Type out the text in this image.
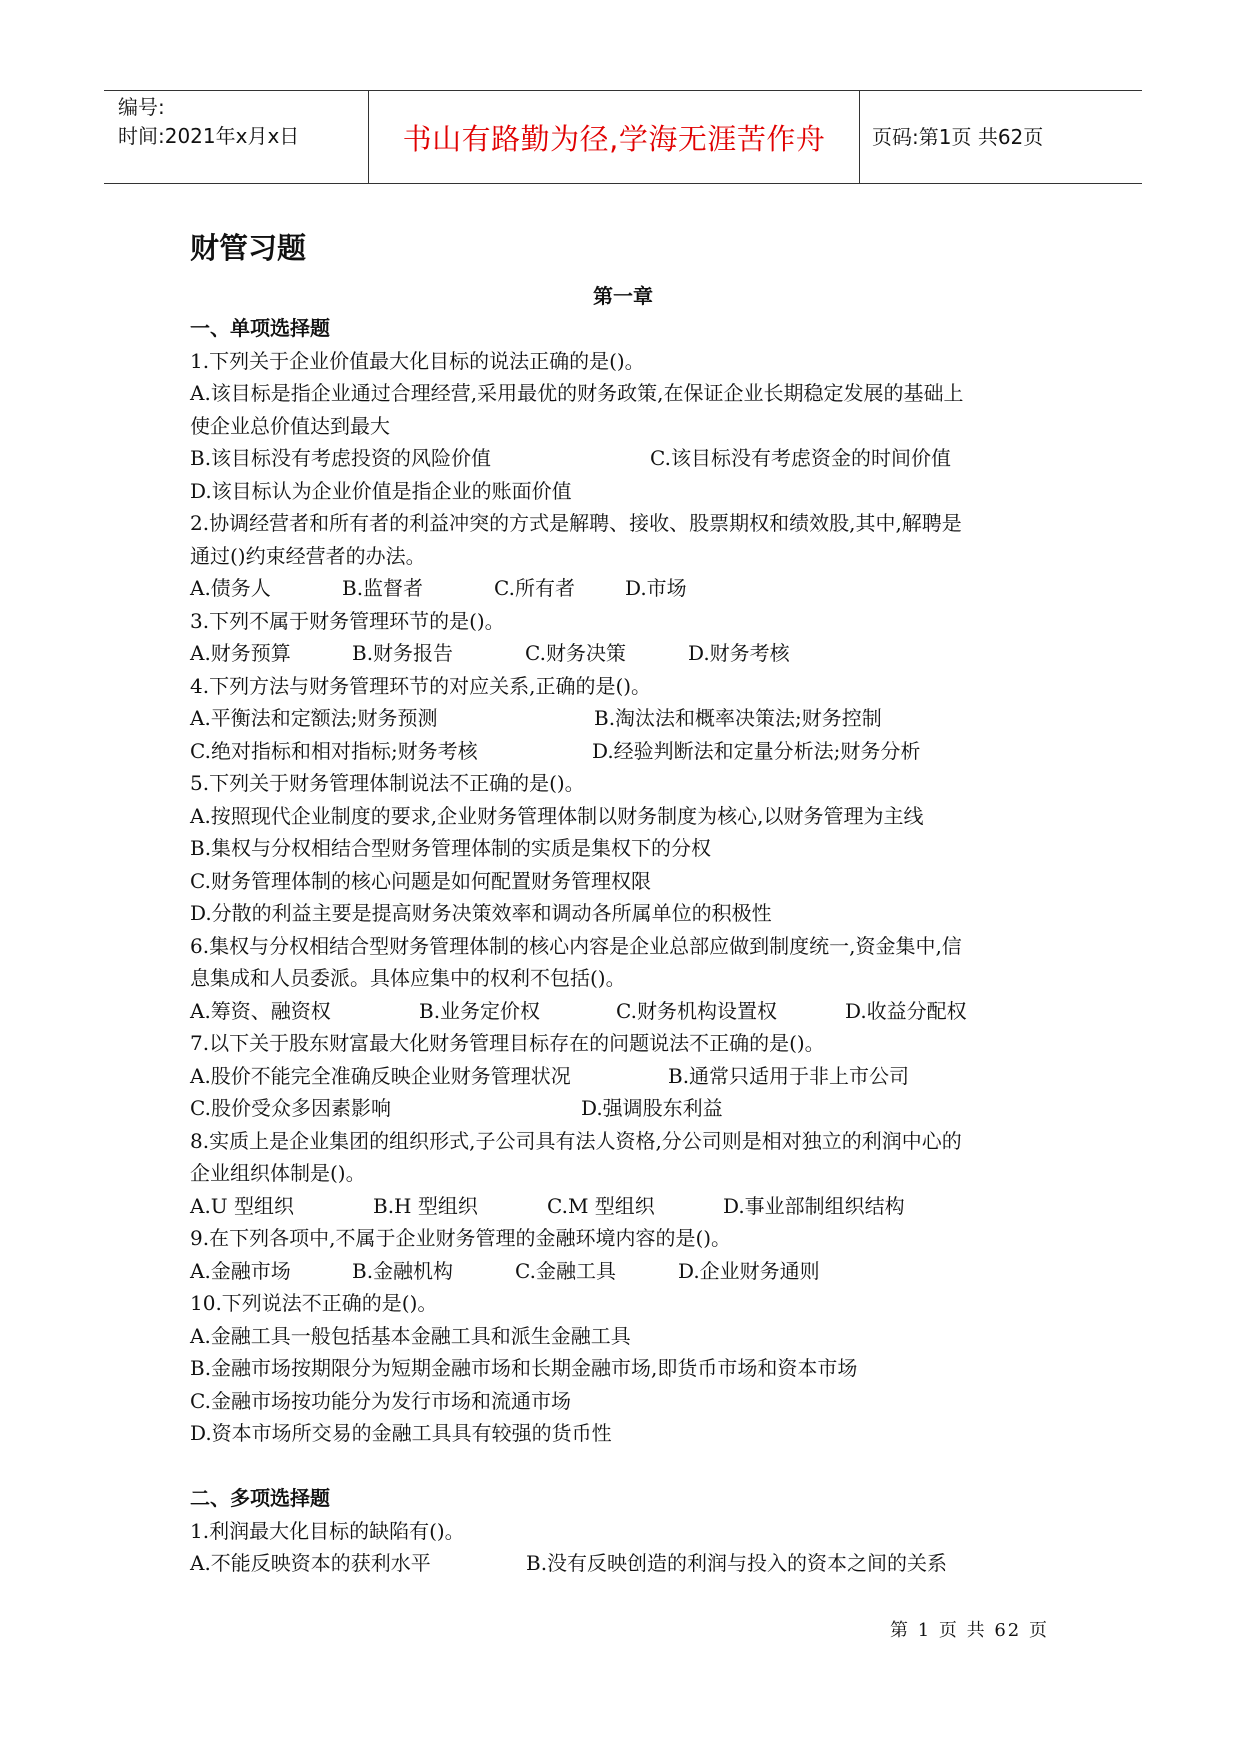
编号:
时间:2021年x月x日	书山有路勤为径,学海无涯苦作舟	页码:第1页 共62页
财管习题
第一章
一、单项选择题
1.下列关于企业价值最大化目标的说法正确的是()。
A.该目标是指企业通过合理经营,采用最优的财务政策,在保证企业长期稳定发展的基础上
使企业总价值达到最大
B.该目标没有考虑投资的风险价值	C.该目标没有考虑资金的时间价值
D.该目标认为企业价值是指企业的账面价值
2.协调经营者和所有者的利益冲突的方式是解聘、接收、股票期权和绩效股,其中,解聘是
通过()约束经营者的办法。
A.债务人	B.监督者	C.所有者	D.市场
3.下列不属于财务管理环节的是()。
A.财务预算	B.财务报告	C.财务决策	D.财务考核
4.下列方法与财务管理环节的对应关系,正确的是()。
A.平衡法和定额法;财务预测	B.淘汰法和概率决策法;财务控制
C.绝对指标和相对指标;财务考核	D.经验判断法和定量分析法;财务分析
5.下列关于财务管理体制说法不正确的是()。
A.按照现代企业制度的要求,企业财务管理体制以财务制度为核心,以财务管理为主线
B.集权与分权相结合型财务管理体制的实质是集权下的分权
C.财务管理体制的核心问题是如何配置财务管理权限
D.分散的利益主要是提高财务决策效率和调动各所属单位的积极性
6.集权与分权相结合型财务管理体制的核心内容是企业总部应做到制度统一,资金集中,信
息集成和人员委派。具体应集中的权利不包括()。
A.筹资、融资权	B.业务定价权	C.财务机构设置权	D.收益分配权
7.以下关于股东财富最大化财务管理目标存在的问题说法不正确的是()。
A.股价不能完全准确反映企业财务管理状况	B.通常只适用于非上市公司
C.股价受众多因素影响	D.强调股东利益
8.实质上是企业集团的组织形式,子公司具有法人资格,分公司则是相对独立的利润中心的
企业组织体制是()。
A.U 型组织	B.H 型组织	C.M 型组织	D.事业部制组织结构
9.在下列各项中,不属于企业财务管理的金融环境内容的是()。
A.金融市场	B.金融机构	C.金融工具	D.企业财务通则
10.下列说法不正确的是()。
A.金融工具一般包括基本金融工具和派生金融工具
B.金融市场按期限分为短期金融市场和长期金融市场,即货币市场和资本市场
C.金融市场按功能分为发行市场和流通市场
D.资本市场所交易的金融工具具有较强的货币性
二、多项选择题
1.利润最大化目标的缺陷有()。
A.不能反映资本的获利水平	B.没有反映创造的利润与投入的资本之间的关系
第 1 页 共 62 页
